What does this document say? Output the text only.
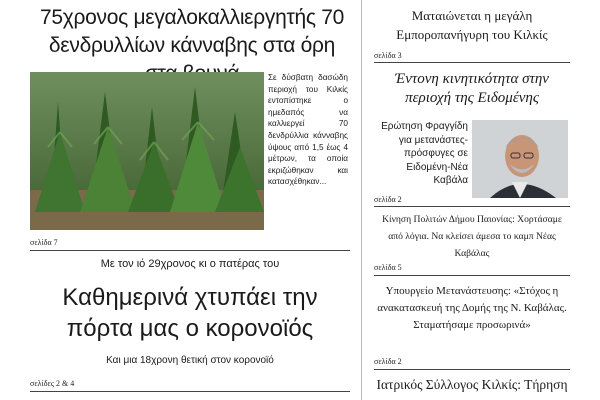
75χρονος μεγαλοκαλλιεργητής 70 δενδρυλλίων κάνναβης στα όρη
Σε δύσβατη δασώδη περιοχή του Κιλκίς εντοπίστηκε ο ημεδαπός να καλλιεργεί 70 δενδρύλλια κάνναβης ύψους από 1,5 έως 4 μέτρων, τα οποία εκριζώθηκαν και κατασχέθηκαν...
σελίδα 7
Με τον ιό 29χρονος κι ο πατέρας του
Καθημερινά χτυπάει την πόρτα μας ο κορονοϊός
Και μια 18χρονη θετική στον κορονοϊό
σελίδες 2 & 4
Ματαιώνεται η μεγάλη Εμποροπανήγυρη του Κιλκίς
σελίδα 3
Έντονη κινητικότητα στην περιοχή της Ειδομένης
Ερώτηση Φραγγίδη για μετανάστες-πρόσφυγες σε Ειδομένη-Νέα Καβάλα
σελίδα 2
Κίνηση Πολιτών Δήμου Παιονίας: Χορτάσαμε από λόγια. Να κλείσει άμεσα το καμπ Νέας Καβάλας
σελίδα 5
Υπουργείο Μετανάστευσης: «Στόχος η ανακατασκευή της Δομής της Ν. Καβάλας. Σταματήσαμε προσωρινά»
σελίδα 2
Ιατρικός Σύλλογος Κιλκίς: Τήρηση
